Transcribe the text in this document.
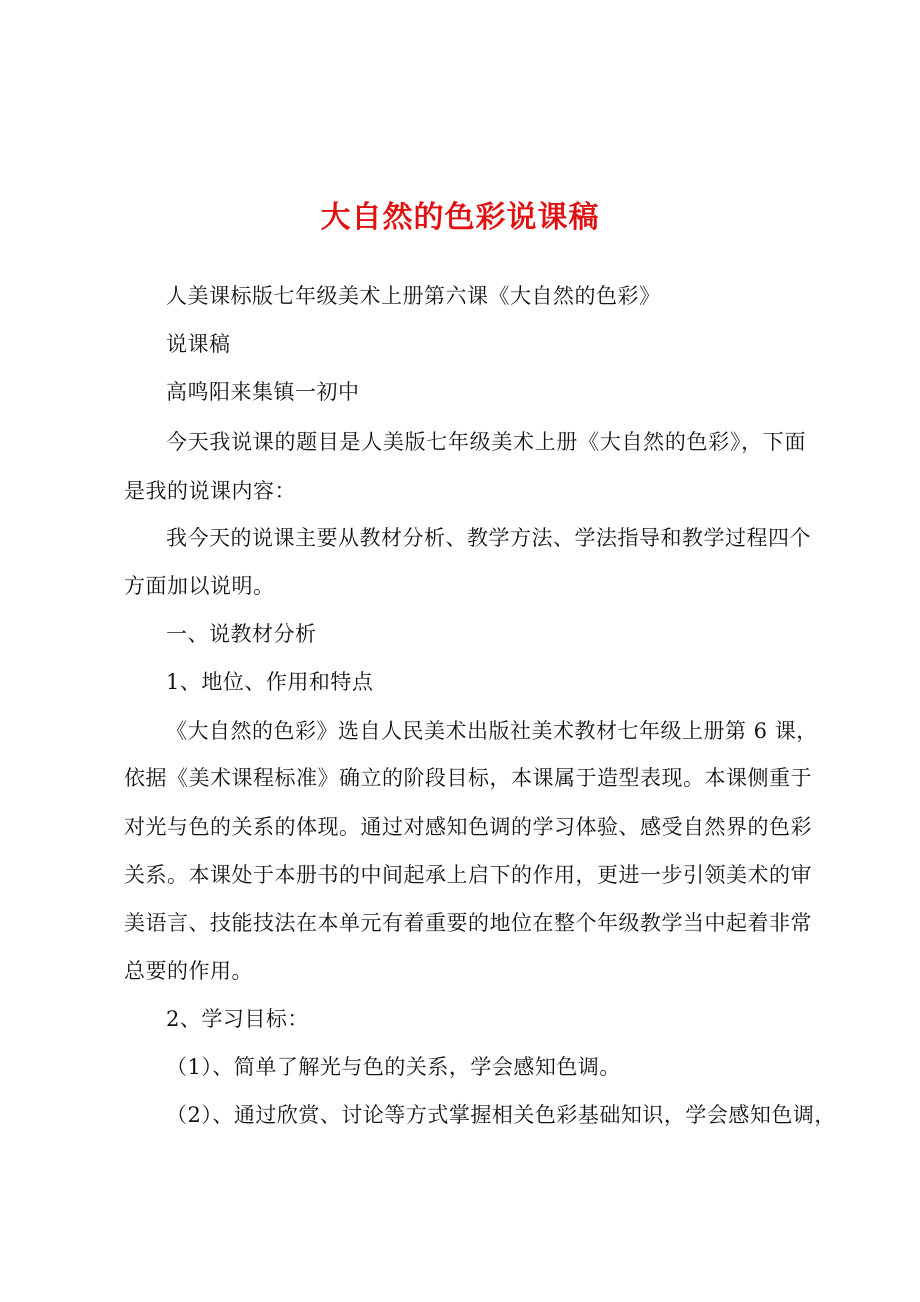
大自然的色彩说课稿
人美课标版七年级美术上册第六课《大自然的色彩》
说课稿
高鸣阳来集镇一初中
今天我说课的题目是人美版七年级美术上册《大自然的色彩》，下面
是我的说课内容：
我今天的说课主要从教材分析、教学方法、学法指导和教学过程四个
方面加以说明。
一、说教材分析
1、地位、作用和特点
《大自然的色彩》选自人民美术出版社美术教材七年级上册第 6 课，
依据《美术课程标准》确立的阶段目标，本课属于造型表现。本课侧重于
对光与色的关系的体现。通过对感知色调的学习体验、感受自然界的色彩
关系。本课处于本册书的中间起承上启下的作用，更进一步引领美术的审
美语言、技能技法在本单元有着重要的地位在整个年级教学当中起着非常
总要的作用。
2、学习目标：
（1）、简单了解光与色的关系，学会感知色调。
（2）、通过欣赏、讨论等方式掌握相关色彩基础知识，学会感知色调，
